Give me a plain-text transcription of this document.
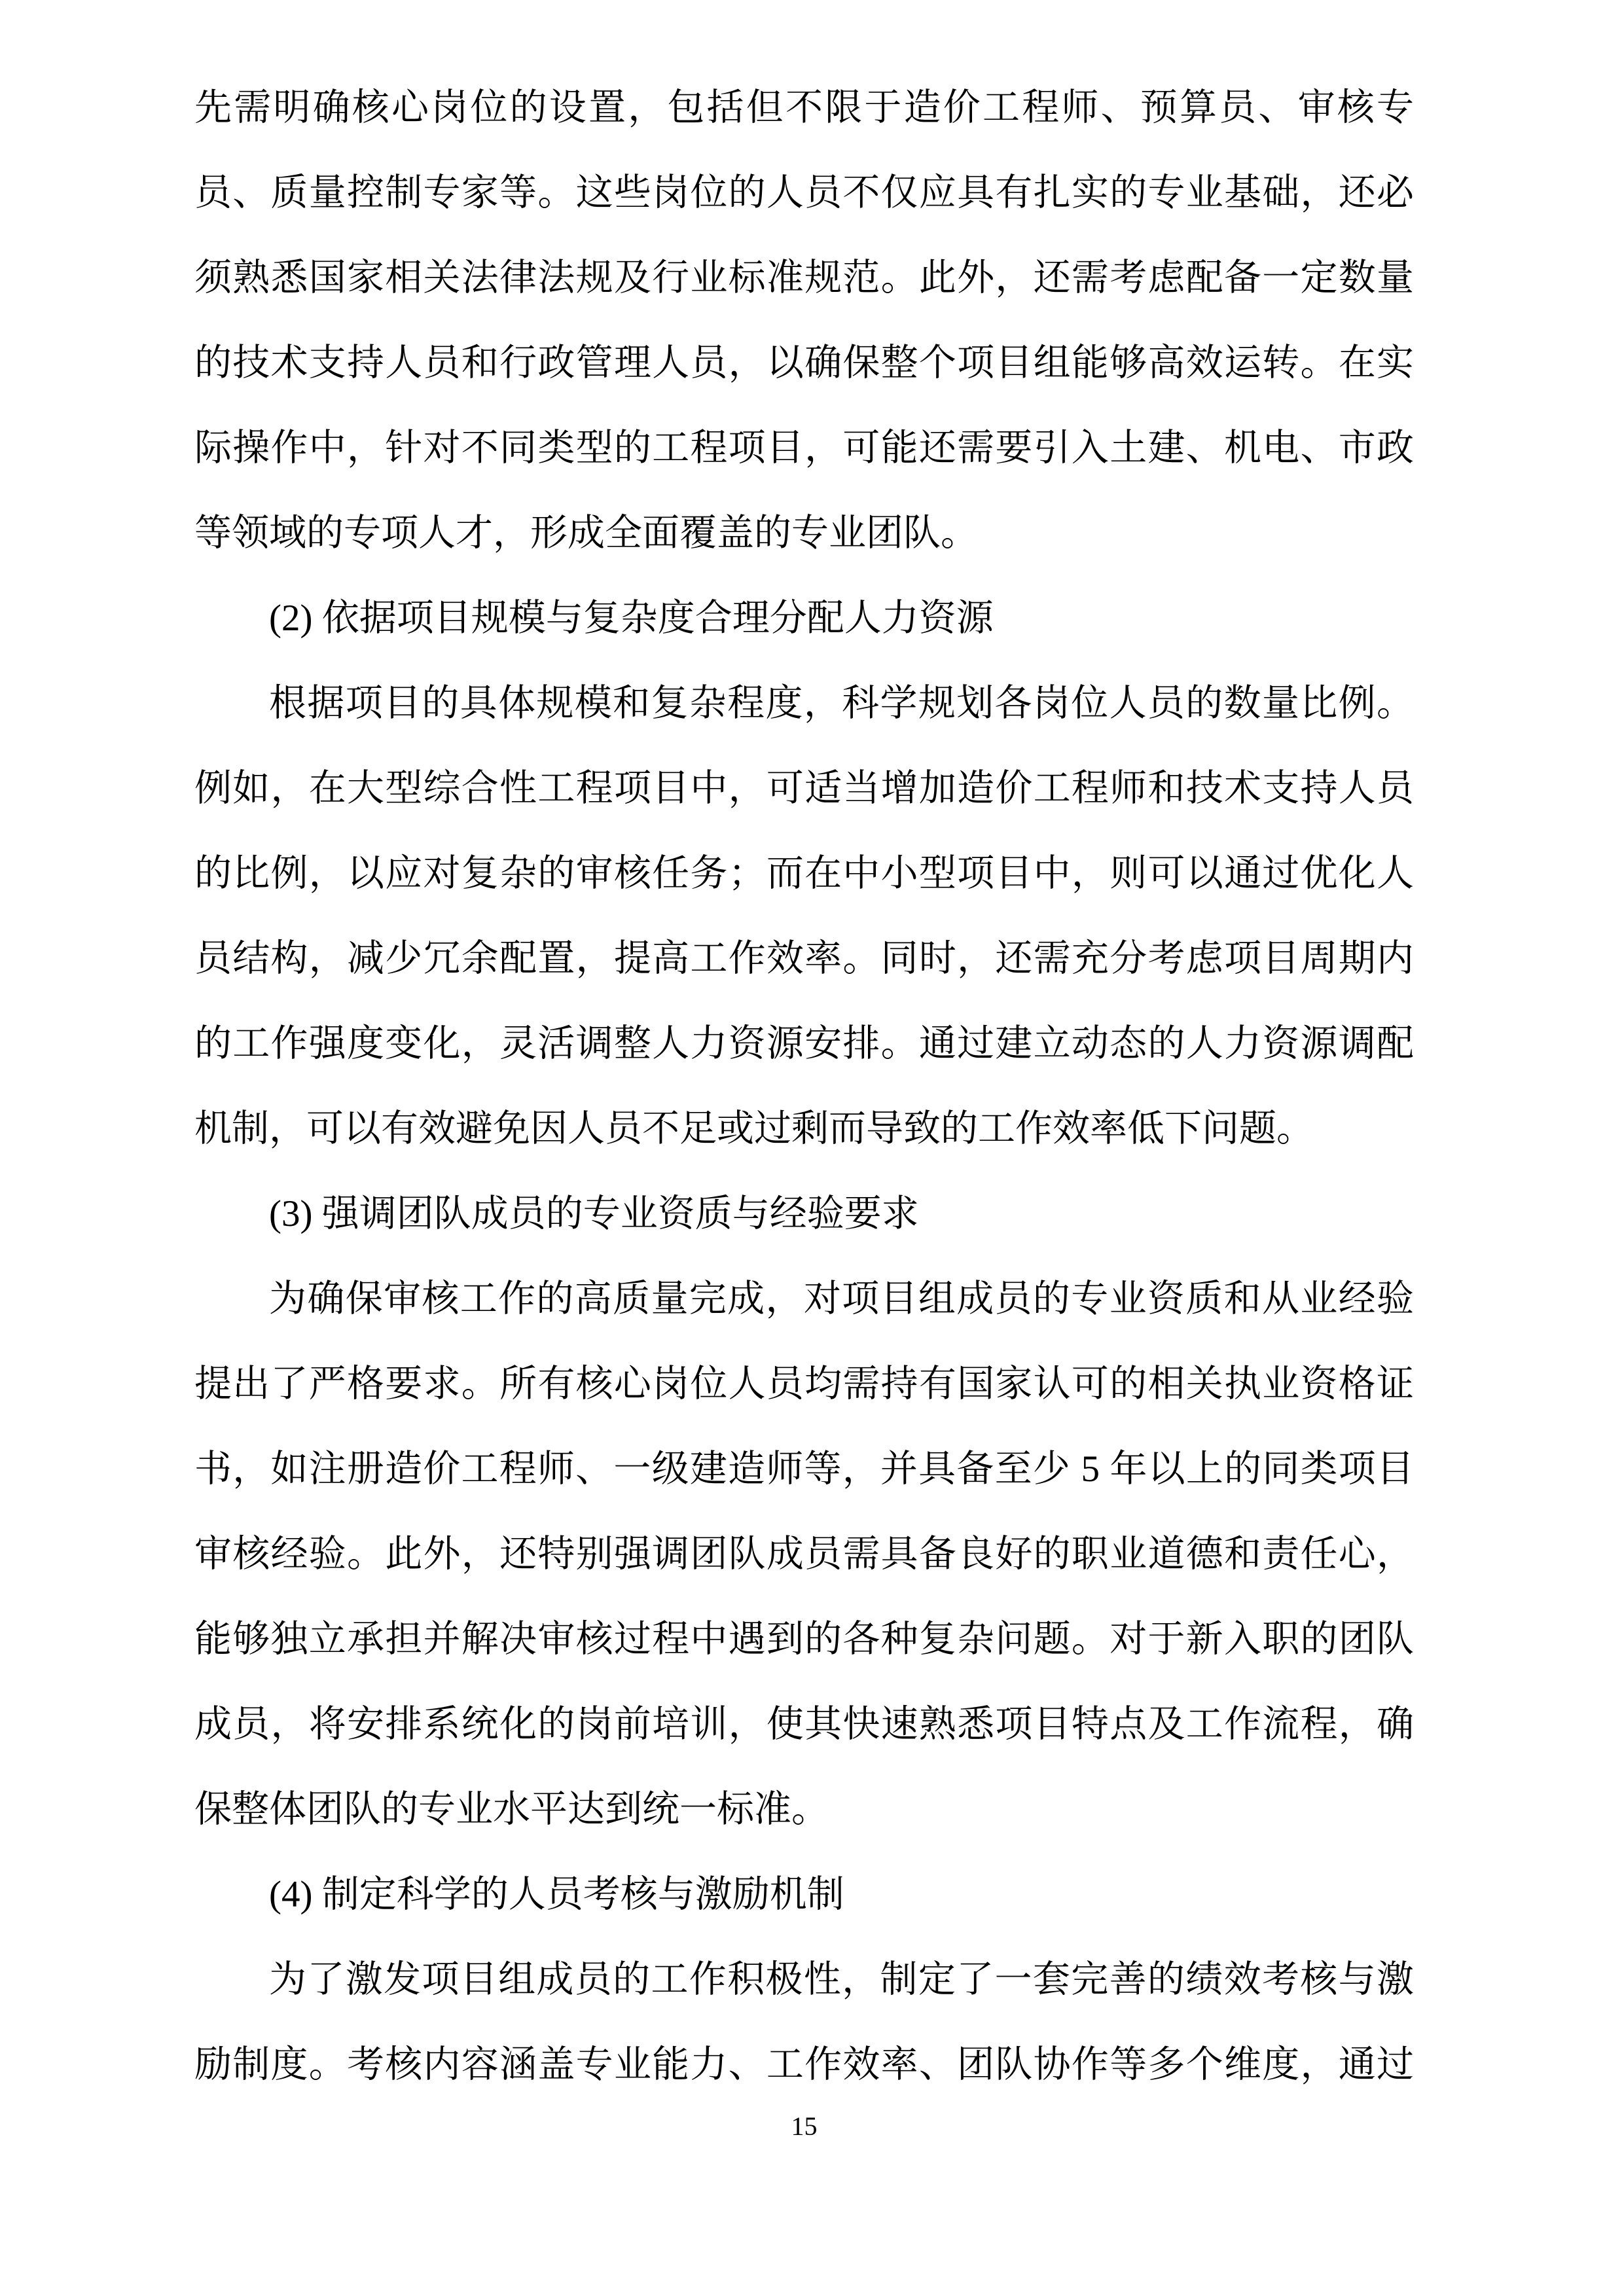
先需明确核心岗位的设置，包括但不限于造价工程师、预算员、审核专
员、质量控制专家等。这些岗位的人员不仅应具有扎实的专业基础，还必
须熟悉国家相关法律法规及行业标准规范。此外，还需考虑配备一定数量
的技术支持人员和行政管理人员，以确保整个项目组能够高效运转。在实
际操作中，针对不同类型的工程项目，可能还需要引入土建、机电、市政
等领域的专项人才，形成全面覆盖的专业团队。
(2) 依据项目规模与复杂度合理分配人力资源
根据项目的具体规模和复杂程度，科学规划各岗位人员的数量比例。
例如，在大型综合性工程项目中，可适当增加造价工程师和技术支持人员
的比例，以应对复杂的审核任务；而在中小型项目中，则可以通过优化人
员结构，减少冗余配置，提高工作效率。同时，还需充分考虑项目周期内
的工作强度变化，灵活调整人力资源安排。通过建立动态的人力资源调配
机制，可以有效避免因人员不足或过剩而导致的工作效率低下问题。
(3) 强调团队成员的专业资质与经验要求
为确保审核工作的高质量完成，对项目组成员的专业资质和从业经验
提出了严格要求。所有核心岗位人员均需持有国家认可的相关执业资格证
书，如注册造价工程师、一级建造师等，并具备至少 5 年以上的同类项目
审核经验。此外，还特别强调团队成员需具备良好的职业道德和责任心，
能够独立承担并解决审核过程中遇到的各种复杂问题。对于新入职的团队
成员，将安排系统化的岗前培训，使其快速熟悉项目特点及工作流程，确
保整体团队的专业水平达到统一标准。
(4) 制定科学的人员考核与激励机制
为了激发项目组成员的工作积极性，制定了一套完善的绩效考核与激
励制度。考核内容涵盖专业能力、工作效率、团队协作等多个维度，通过
15
